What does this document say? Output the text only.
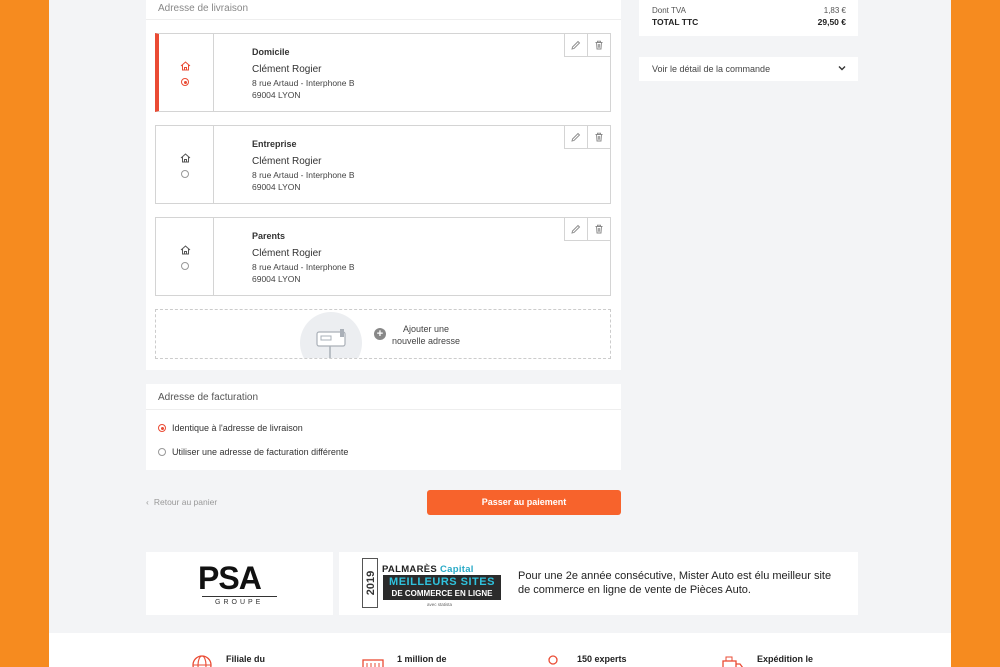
Adresse de livraison
Domicile
Clément Rogier
8 rue Artaud - Interphone B
69004 LYON
Entreprise
Clément Rogier
8 rue Artaud - Interphone B
69004 LYON
Parents
Clément Rogier
8 rue Artaud - Interphone B
69004 LYON
+	Ajouter une
nouvelle adresse
Adresse de facturation
Identique à l'adresse de livraison
Utiliser une adresse de facturation différente
‹ Retour au panier	Passer au paiement
Dont TVA	1,83 €
TOTAL TTC	29,50 €
Voir le détail de la commande
PSA
GROUPE
2019
PALMARÈS Capital
MEILLEURS SITES
DE COMMERCE EN LIGNE
avec statista
Pour une 2e année consécutive, Mister Auto est élu meilleur site de commerce en ligne de vente de Pièces Auto.
Filiale du	1 million de	150 experts	Expédition le
